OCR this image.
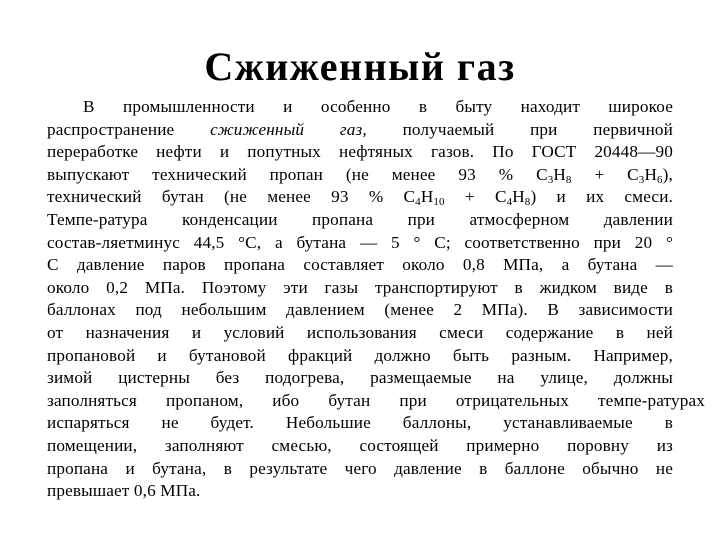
Сжиженный газ
В промышленности и особенно в быту находит широкое
распространение сжиженный газ, получаемый при первичной
переработке нефти и попутных нефтяных газов. По ГОСТ 20448—90
выпускают технический пропан (не менее 93 % $C_3H_8 + C_3H_6$),
технический бутан (не менее 93 % $C_4H_{10} + C_4H_8$) и их смеси.
Темпе-ратура конденсации пропана при атмосферном давлении
состав-ляетминус 44,5 °С, а бутана — 5 ° С; соответственно при 20 °
С давление паров пропана составляет около 0,8 МПа, а бутана —
около 0,2 МПа. Поэтому эти газы транспортируют в жидком виде в
баллонах под небольшим давлением (менее 2 МПа). В зависимости
от назначения и условий использования смеси содержание в ней
пропановой и бутановой фракций должно быть разным. Например,
зимой цистерны без подогрева, размещаемые на улице, должны
заполняться пропаном, ибо бутан при отрицательных темпе-ратурах
испаряться не будет. Небольшие баллоны, устанавливаемые в
помещении, заполняют смесью, состоящей примерно поровну из
пропана и бутана, в результате чего давление в баллоне обычно не
превышает 0,6 МПа.
